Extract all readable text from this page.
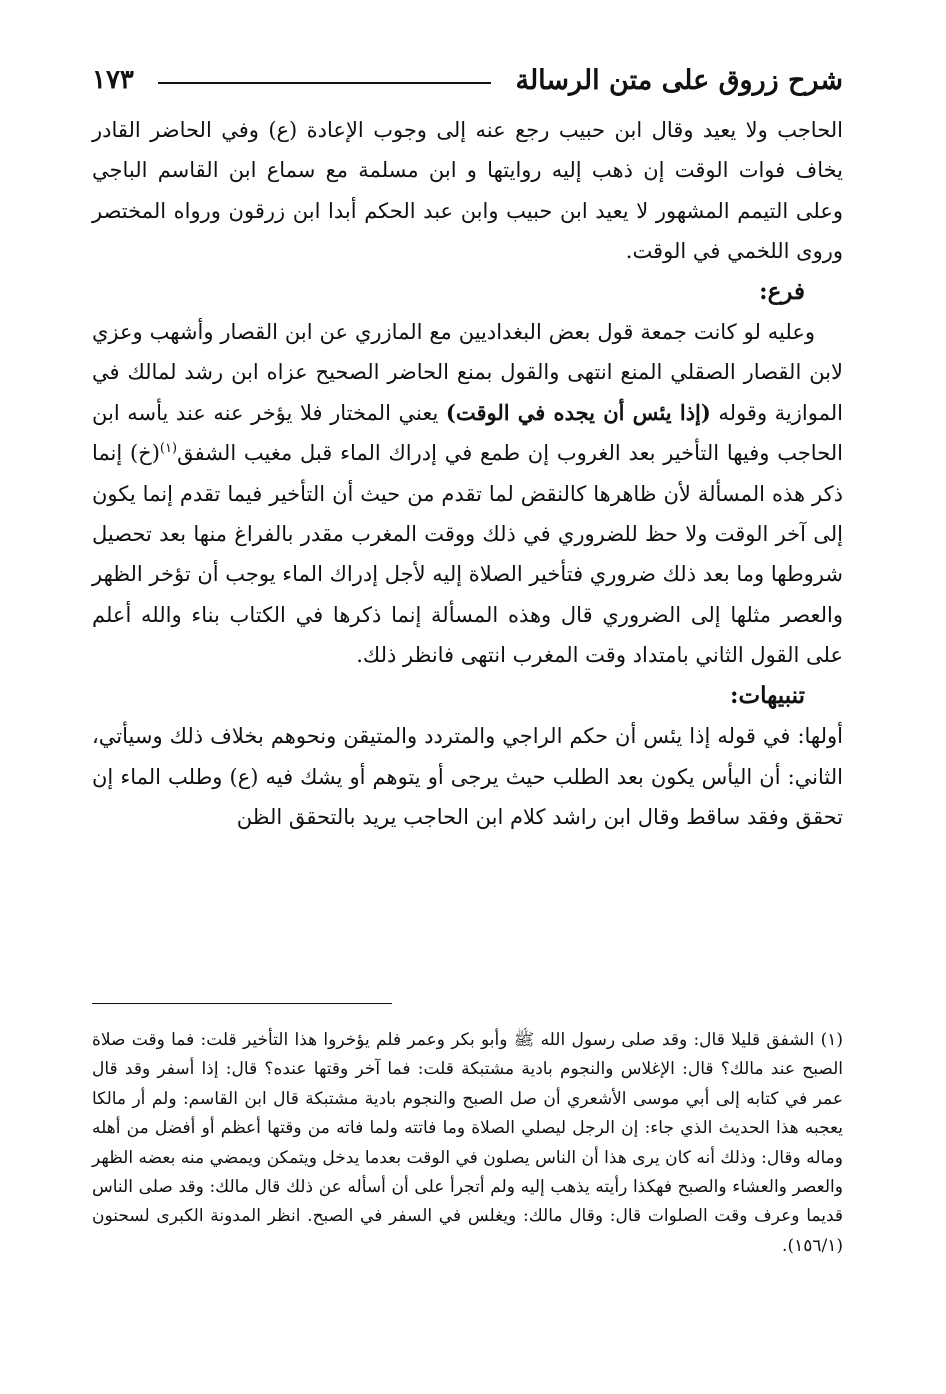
شرح زروق على متن الرسالة
١٧٣

الحاجب ولا يعيد وقال ابن حبيب رجع عنه إلى وجوب الإعادة (ع) وفي الحاضر القادر يخاف فوات الوقت إن ذهب إليه روايتها و ابن مسلمة مع سماع ابن القاسم الباجي وعلى التيمم المشهور لا يعيد ابن حبيب وابن عبد الحكم أبدا ابن زرقون ورواه المختصر وروى اللخمي في الوقت.

فرع:

وعليه لو كانت جمعة قول بعض البغداديين مع المازري عن ابن القصار وأشهب وعزي لابن القصار الصقلي المنع انتهى والقول بمنع الحاضر الصحيح عزاه ابن رشد لمالك في الموازية وقوله (إذا يئس أن يجده في الوقت) يعني المختار فلا يؤخر عنه عند يأسه ابن الحاجب وفيها التأخير بعد الغروب إن طمع في إدراك الماء قبل مغيب الشفق$^{(١)}$(خ) إنما ذكر هذه المسألة لأن ظاهرها كالنقض لما تقدم من حيث أن التأخير فيما تقدم إنما يكون إلى آخر الوقت ولا حظ للضروري في ذلك ووقت المغرب مقدر بالفراغ منها بعد تحصيل شروطها وما بعد ذلك ضروري فتأخير الصلاة إليه لأجل إدراك الماء يوجب أن تؤخر الظهر والعصر مثلها إلى الضروري قال وهذه المسألة إنما ذكرها في الكتاب بناء والله أعلم على القول الثاني بامتداد وقت المغرب انتهى فانظر ذلك.

تنبيهات:

أولها: في قوله إذا يئس أن حكم الراجي والمتردد والمتيقن ونحوهم بخلاف ذلك وسيأتي، الثاني: أن اليأس يكون بعد الطلب حيث يرجى أو يتوهم أو يشك فيه (ع) وطلب الماء إن تحقق وفقد ساقط وقال ابن راشد كلام ابن الحاجب يريد بالتحقق الظن

(١) الشفق قليلا قال: وقد صلى رسول الله ﷺ وأبو بكر وعمر فلم يؤخروا هذا التأخير قلت: فما وقت صلاة الصبح عند مالك؟ قال: الإغلاس والنجوم بادية مشتبكة قلت: فما آخر وقتها عنده؟ قال: إذا أسفر وقد قال عمر في كتابه إلى أبي موسى الأشعري أن صل الصبح والنجوم بادية مشتبكة قال ابن القاسم: ولم أر مالكا يعجبه هذا الحديث الذي جاء: إن الرجل ليصلي الصلاة وما فاتته ولما فاته من وقتها أعظم أو أفضل من أهله وماله وقال: وذلك أنه كان يرى هذا أن الناس يصلون في الوقت بعدما يدخل ويتمكن ويمضي منه بعضه الظهر والعصر والعشاء والصبح فهكذا رأيته يذهب إليه ولم أتجرأ على أن أسأله عن ذلك قال مالك: وقد صلى الناس قديما وعرف وقت الصلوات قال: وقال مالك: ويغلس في السفر في الصبح. انظر المدونة الكبرى لسحنون (١٥٦/١).
